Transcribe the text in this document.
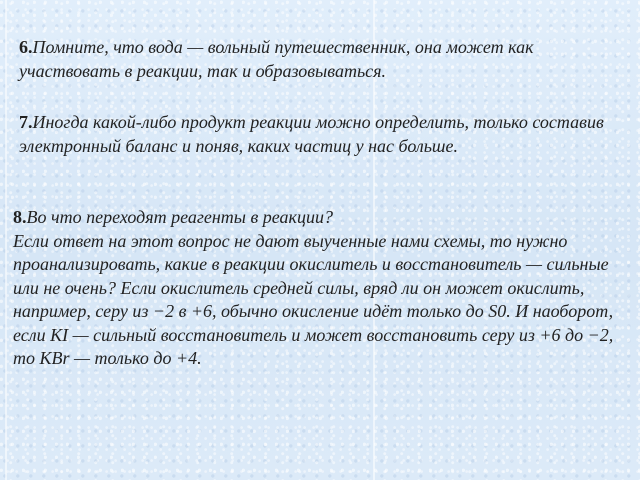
6.Помните, что вода — вольный путешественник, она может как участвовать в реакции, так и образовываться.

7.Иногда какой-либо продукт реакции можно определить, только составив электронный баланс и поняв, каких частиц у нас больше.

8.Во что переходят реагенты в реакции?
Если ответ на этот вопрос не дают выученные нами схемы, то нужно проанализировать, какие в реакции окислитель и восстановитель — сильные или не очень? Если окислитель средней силы, вряд ли он может окислить, например, серу из −2 в +6, обычно окисление идёт только до S0. И наоборот, если KI — сильный восстановитель и может восстановить серу из +6 до −2, то KBr — только до +4.
